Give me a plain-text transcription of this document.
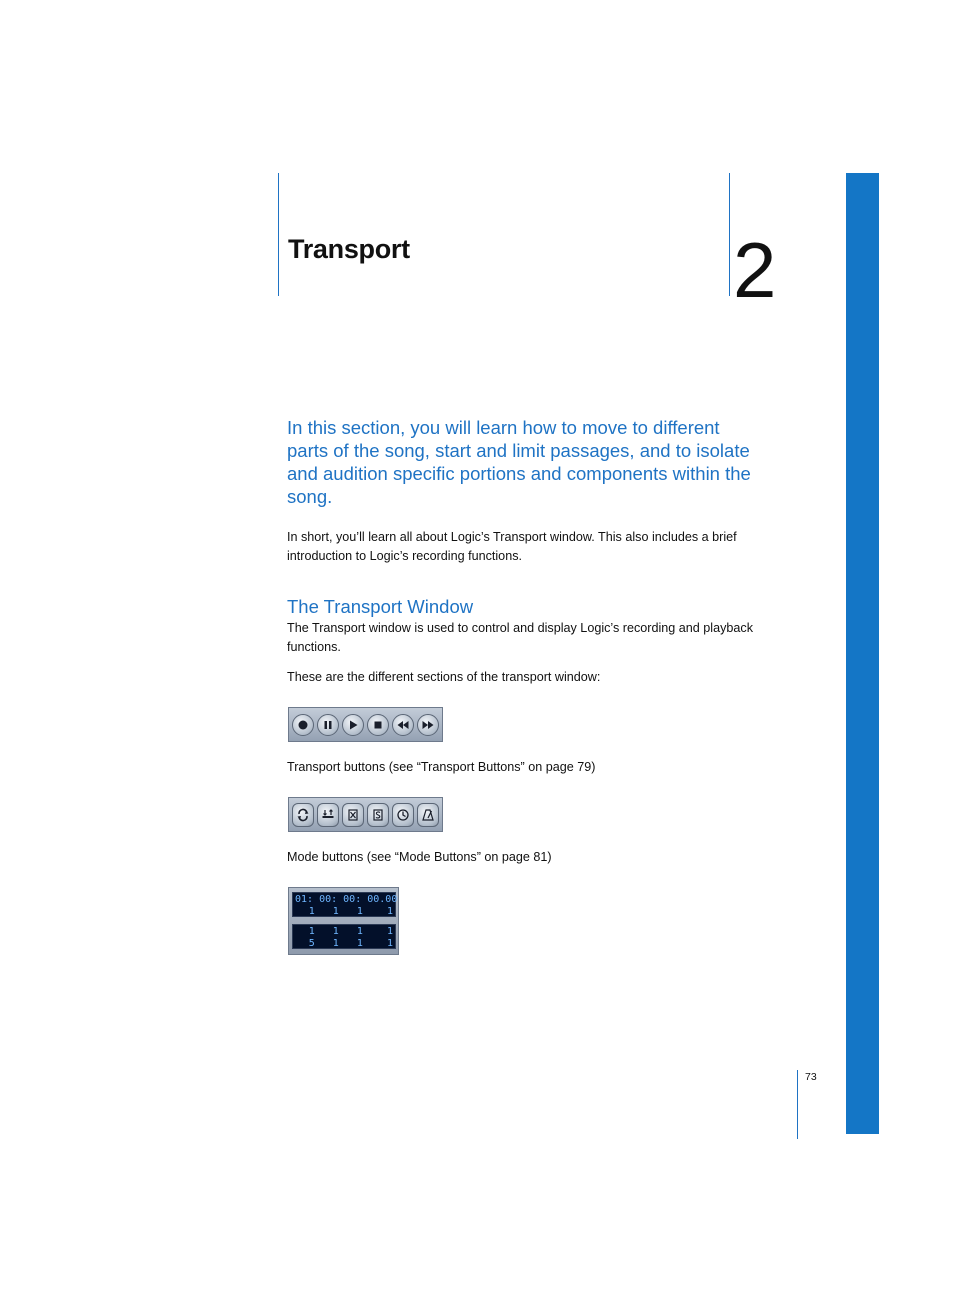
Transport	2
In this section, you will learn how to move to different parts of the song, start and limit passages, and to isolate and audition specific portions and components within the song.
In short, you’ll learn all about Logic’s Transport window. This also includes a brief introduction to Logic’s recording functions.
The Transport Window
The Transport window is used to control and display Logic’s recording and playback functions.
These are the different sections of the transport window:
Transport buttons (see “Transport Buttons” on page 79)
Mode buttons (see “Mode Buttons” on page 81)
01: 00: 00: 00.00
1   1   1    1
1   1   1    1
5   1   1    1
73
